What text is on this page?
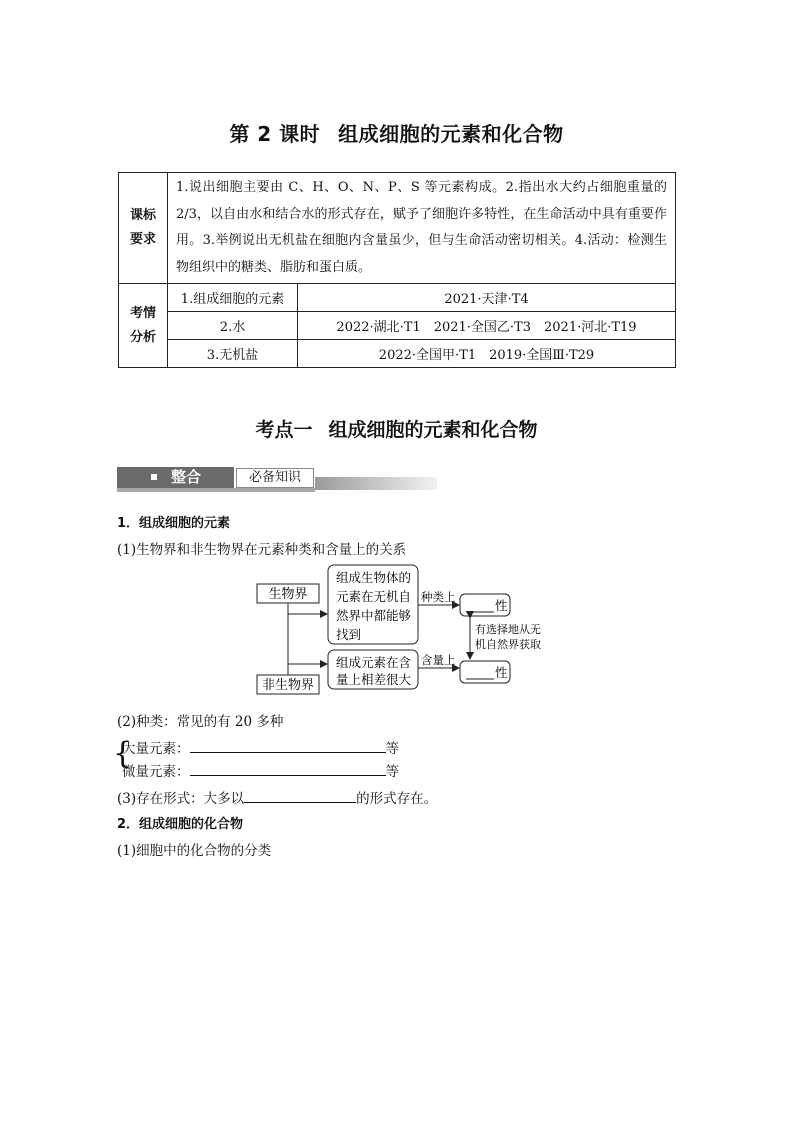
第 2 课时 组成细胞的元素和化合物
课标
要求	1.说出细胞主要由 C、H、O、N、P、S 等元素构成。2.指出水大约占细胞重量的 2/3，以自由水和结合水的形式存在，赋予了细胞许多特性，在生命活动中具有重要作用。3.举例说出无机盐在细胞内含量虽少，但与生命活动密切相关。4.活动：检测生物组织中的糖类、脂肪和蛋白质。	

考情
分析	1.组成细胞的元素	2021·天津·T4
	2.水	2022·湖北·T1　2021·全国乙·T3　2021·河北·T19
	3.无机盐	2022·全国甲·T1　2019·全国Ⅲ·T29
考点一 组成细胞的元素和化合物
整合	必备知识
1．组成细胞的元素
(1)生物界和非生物界在元素种类和含量上的关系
生物界
非生物界
组成生物体的
元素在无机自
然界中都能够
找到
组成元素在含
量上相差很大
种类上
含量上
性
性
有选择地从无
机自然界获取
(2)种类：常见的有 20 多种
{
大量元素：	等
微量元素：	等
(3)存在形式：大多以	的形式存在。
2．组成细胞的化合物
(1)细胞中的化合物的分类
